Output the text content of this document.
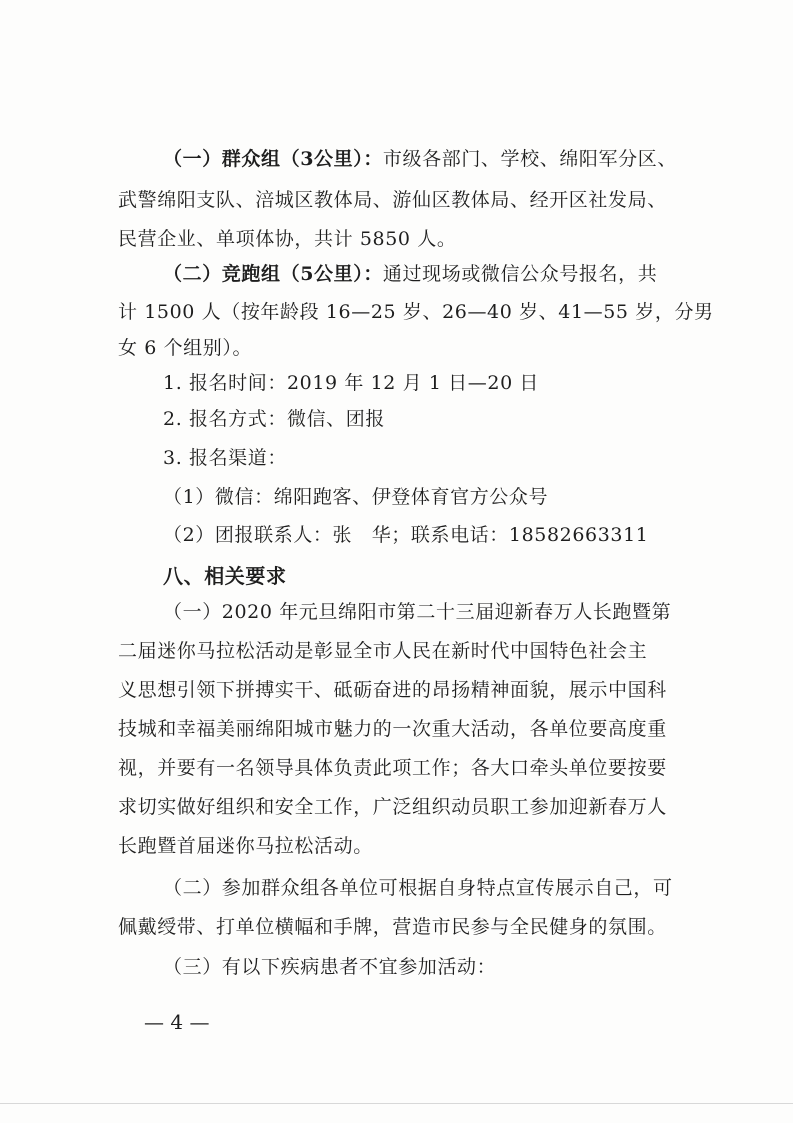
（一）群众组（3公里）：市级各部门、学校、绵阳军分区、
武警绵阳支队、涪城区教体局、游仙区教体局、经开区社发局、
民营企业、单项体协，共计 5850 人。
（二）竞跑组（5公里）：通过现场或微信公众号报名，共
计 1500 人（按年龄段 16—25 岁、26—40 岁、41—55 岁，分男
女 6 个组别）。
1. 报名时间：2019 年 12 月 1 日—20 日
2. 报名方式：微信、团报
3. 报名渠道：
（1）微信：绵阳跑客、伊登体育官方公众号
（2）团报联系人：张　华；联系电话：18582663311
八、相关要求
（一）2020 年元旦绵阳市第二十三届迎新春万人长跑暨第
二届迷你马拉松活动是彰显全市人民在新时代中国特色社会主
义思想引领下拼搏实干、砥砺奋进的昂扬精神面貌，展示中国科
技城和幸福美丽绵阳城市魅力的一次重大活动，各单位要高度重
视，并要有一名领导具体负责此项工作；各大口牵头单位要按要
求切实做好组织和安全工作，广泛组织动员职工参加迎新春万人
长跑暨首届迷你马拉松活动。
（二）参加群众组各单位可根据自身特点宣传展示自己，可
佩戴绶带、打单位横幅和手牌，营造市民参与全民健身的氛围。
（三）有以下疾病患者不宜参加活动：
— 4 —
